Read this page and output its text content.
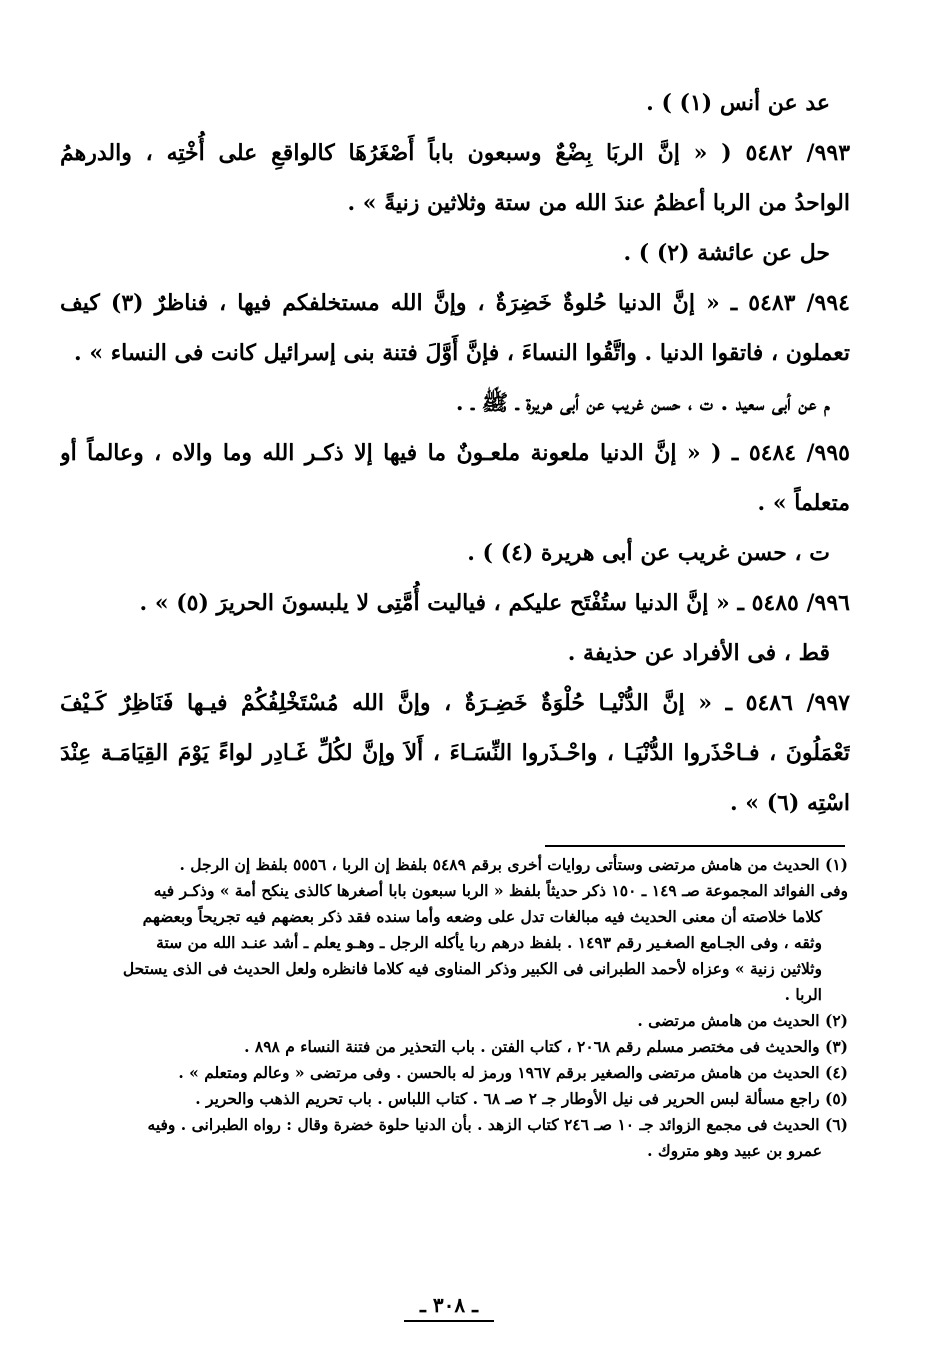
عد عن أنس (١) ) .
٩٩٣/ ٥٤٨٢ ( « إنَّ الربَا بِضْعٌ وسبعون باباً أَصْغَرُهَا كالواقعِ على أُخْتِه ، والدرهمُ
الواحدُ من الربا أعظمُ عندَ الله من ستة وثلاثين زنيةً » .
حل عن عائشة (٢) ) .
٩٩٤/ ٥٤٨٣ ـ « إنَّ الدنيا حُلوةٌ خَضِرَةٌ ، وإنَّ الله مستخلفكم فيها ، فناظرٌ (٣) كيف
تعملون ، فاتقوا الدنيا . واتَّقُوا النساءَ ، فإنَّ أَوَّلَ فتنة بنى إسرائيل كانت فى النساء » .
م عن أبى سعيد . ت ، حسن غريب عن أبى هريرة ـ ﷺ ـ .
٩٩٥/ ٥٤٨٤ ـ ( « إنَّ الدنيا ملعونة ملعـونٌ ما فيها إلا ذكـر الله وما والاه ، وعالماً أو
متعلماً » .
ت ، حسن غريب عن أبى هريرة (٤) ) .
٩٩٦/ ٥٤٨٥ ـ « إنَّ الدنيا ستُفْتَح عليكم ، فياليت أُمَّتِى لا يلبسونَ الحريرَ (٥) » .
قط ، فى الأفراد عن حذيفة .
٩٩٧/ ٥٤٨٦ ـ « إنَّ الدُّنْيـا حُلْوَةٌ خَضِـرَةٌ ، وإنَّ الله مُسْتَخْلِفُكُمْ فيـها فَنَاظِرٌ كَـيْفَ
تَعْمَلُونَ ، فـاحْذَروا الدُّنْيَـا ، واحْـذَروا النِّسَـاءَ ، أَلاَ وإنَّ لكُلِّ غَـادِر لواءً يَوْمَ القِيَامَـة عِنْدَ
اسْتِه (٦) » .
(١) الحديث من هامش مرتضى وستأتى روايات أخرى برقم ٥٤٨٩ بلفظ إن الربا ، ٥٥٥٦ بلفظ إن الرجل .
وفى الفوائد المجموعة صـ ١٤٩ ـ ١٥٠ ذكر حديثاً بلفظ « الربا سبعون بابا أصغرها كالذى ينكح أمة » وذكـر فيه
كلاما خلاصته أن معنى الحديث فيه مبالغات تدل على وضعه وأما سنده فقد ذكر بعضهم فيه تجريحاً وبعضهم
وثقه ، وفى الجـامع الصغـير رقم ١٤٩٣ . بلفظ درهم ربا يأكله الرجل ـ وهـو يعلم ـ أشد عنـد الله من ستة
وثلاثين زنية » وعزاه لأحمد الطبرانى فى الكبير وذكر المناوى فيه كلاما فانظره ولعل الحديث فى الذى يستحل
الربا .
(٢) الحديث من هامش مرتضى .
(٣) والحديث فى مختصر مسلم رقم ٢٠٦٨ ، كتاب الفتن . باب التحذير من فتنة النساء م ٨٩٨ .
(٤) الحديث من هامش مرتضى والصغير برقم ١٩٦٧ ورمز له بالحسن . وفى مرتضى « وعالم ومتعلم » .
(٥) راجع مسألة لبس الحرير فى نيل الأوطار جـ ٢ صـ ٦٨ . كتاب اللباس . باب تحريم الذهب والحرير .
(٦) الحديث فى مجمع الزوائد جـ ١٠ صـ ٢٤٦ كتاب الزهد . بأن الدنيا حلوة خضرة وقال : رواه الطبرانى . وفيه
عمرو بن عبيد وهو متروك .
ـ ٣٠٨ ـ
